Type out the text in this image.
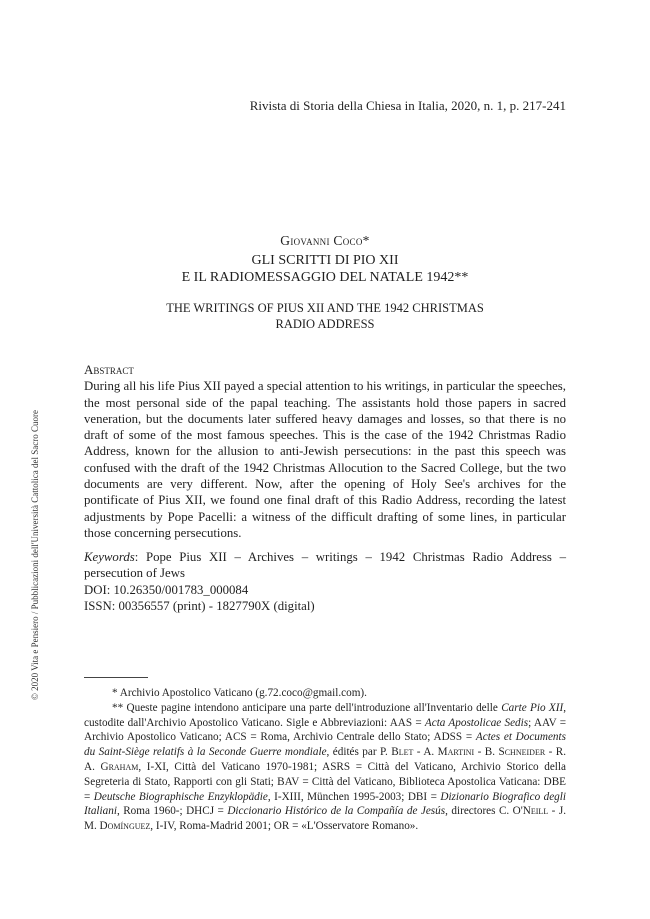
Rivista di Storia della Chiesa in Italia, 2020, n. 1, p. 217-241
© 2020 Vita e Pensiero / Pubblicazioni dell'Università Cattolica del Sacro Cuore
Giovanni Coco*
GLI SCRITTI DI PIO XII
E IL RADIOMESSAGGIO DEL NATALE 1942**
THE WRITINGS OF PIUS XII AND THE 1942 CHRISTMAS
RADIO ADDRESS
Abstract

During all his life Pius XII payed a special attention to his writings, in particular the speeches, the most personal side of the papal teaching. The assistants hold those papers in sacred veneration, but the documents later suffered heavy damages and losses, so that there is no draft of some of the most famous speeches. This is the case of the 1942 Christmas Radio Address, known for the allusion to anti-Jewish persecutions: in the past this speech was confused with the draft of the 1942 Christmas Allocution to the Sacred College, but the two documents are very different. Now, after the opening of Holy See's archives for the pontificate of Pius XII, we found one final draft of this Radio Address, recording the latest adjustments by Pope Pacelli: a witness of the difficult drafting of some lines, in particular those concerning persecutions.

Keywords: Pope Pius XII – Archives – writings – 1942 Christmas Radio Address – persecution of Jews

DOI: 10.26350/001783_000084

ISSN: 00356557 (print) - 1827790X (digital)

* Archivio Apostolico Vaticano (g.72.coco@gmail.com).

** Queste pagine intendono anticipare una parte dell'introduzione all'Inventario delle Carte Pio XII, custodite dall'Archivio Apostolico Vaticano. Sigle e Abbreviazioni: AAS = Acta Apostolicae Sedis; AAV = Archivio Apostolico Vaticano; ACS = Roma, Archivio Centrale dello Stato; ADSS = Actes et Documents du Saint-Siège relatifs à la Seconde Guerre mondiale, édités par P. Blet - A. Martini - B. Schneider - R. A. Graham, I-XI, Città del Vaticano 1970-1981; ASRS = Città del Vaticano, Archivio Storico della Segreteria di Stato, Rapporti con gli Stati; BAV = Città del Vaticano, Biblioteca Apostolica Vaticana: DBE = Deutsche Biographische Enzyklopädie, I-XIII, München 1995-2003; DBI = Dizionario Biografico degli Italiani, Roma 1960-; DHCJ = Diccionario Histórico de la Compañía de Jesús, directores C. O'Neill - J. M. Domínguez, I-IV, Roma-Madrid 2001; OR = «L'Osservatore Romano».
